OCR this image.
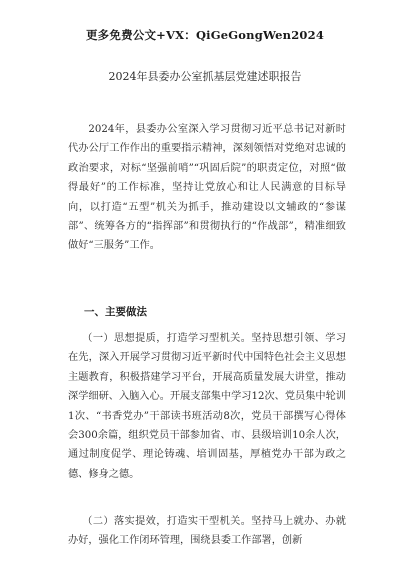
更多免费公文+VX：QiGeGongWen2024
2024年县委办公室抓基层党建述职报告
2024年，县委办公室深入学习贯彻习近平总书记对新时代办公厅工作作出的重要指示精神，深刻领悟对党绝对忠诚的政治要求，对标“坚强前哨”“巩固后院”的职责定位，对照“做得最好”的工作标准，坚持让党放心和让人民满意的目标导向，以打造“五型”机关为抓手，推动建设以文辅政的“参谋部”、统筹各方的“指挥部”和贯彻执行的“作战部”，精准细致做好“三服务”工作。
一、主要做法
（一）思想提质，打造学习型机关。坚持思想引领、学习在先，深入开展学习贯彻习近平新时代中国特色社会主义思想主题教育，积极搭建学习平台，开展高质量发展大讲堂，推动深学细研、入脑入心。开展支部集中学习12次、党员集中轮训1次、“书香党办”干部读书班活动8次，党员干部撰写心得体会300余篇，组织党员干部参加省、市、县级培训10余人次，通过制度促学、理论铸魂、培训固基，厚植党办干部为政之德、修身之德。
（二）落实提效，打造实干型机关。坚持马上就办、办就办好，强化工作闭环管理，围绕县委工作部署，创新
